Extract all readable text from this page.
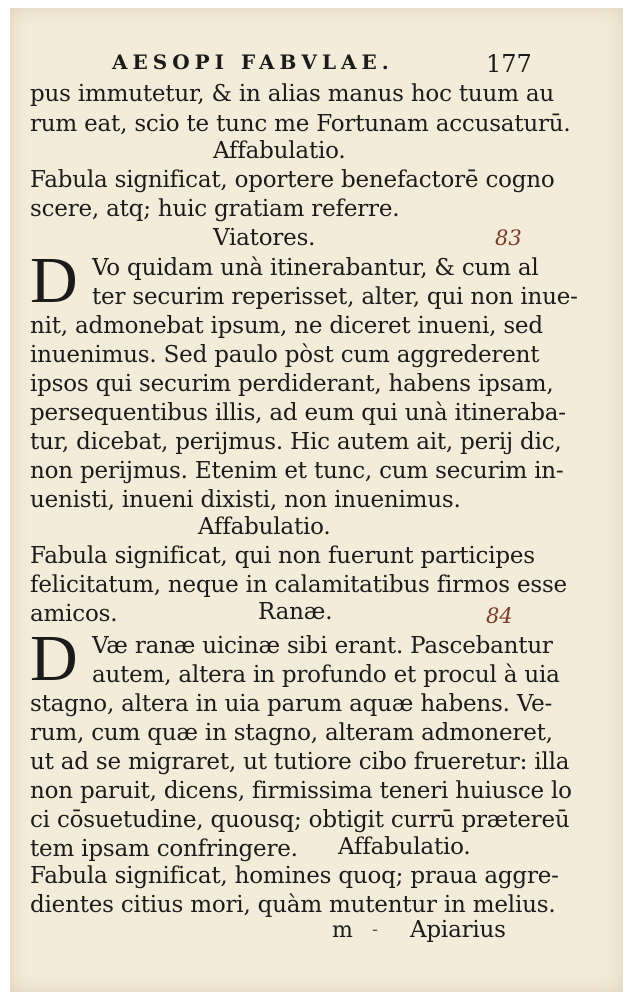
AESOPI FABVLAE.	177
pus immutetur, & in alias manus hoc tuum au
rum eat, scio te tunc me Fortunam accusaturū.
Affabulatio.
Fabula significat, oportere benefactorē cogno
scere, atq; huic gratiam referre.
Viatores.	83
D Vo quidam unà itinerabantur, & cum al
ter securim reperisset, alter, qui non inue-
nit, admonebat ipsum, ne diceret inueni, sed
inuenimus. Sed paulo pòst cum aggrederent
ipsos qui securim perdiderant, habens ipsam,
persequentibus illis, ad eum qui unà itineraba-
tur, dicebat, perijmus. Hic autem ait, perij dic,
non perijmus. Etenim et tunc, cum securim in-
uenisti, inueni dixisti, non inuenimus.
Affabulatio.
Fabula significat, qui non fuerunt participes
felicitatum, neque in calamitatibus firmos esse
amicos.	Ranæ.	84
D Væ ranæ uicinæ sibi erant. Pascebantur
autem, altera in profundo et procul à uia
stagno, altera in uia parum aquæ habens. Ve-
rum, cum quæ in stagno, alteram admoneret,
ut ad se migraret, ut tutiore cibo frueretur: illa
non paruit, dicens, firmissima teneri huiusce lo
ci cōsuetudine, quousq; obtigit currū prætereū
tem ipsam confringere. Affabulatio.
Fabula significat, homines quoq; praua aggre-
dientes citius mori, quàm mutentur in melius.
m - Apiarius
